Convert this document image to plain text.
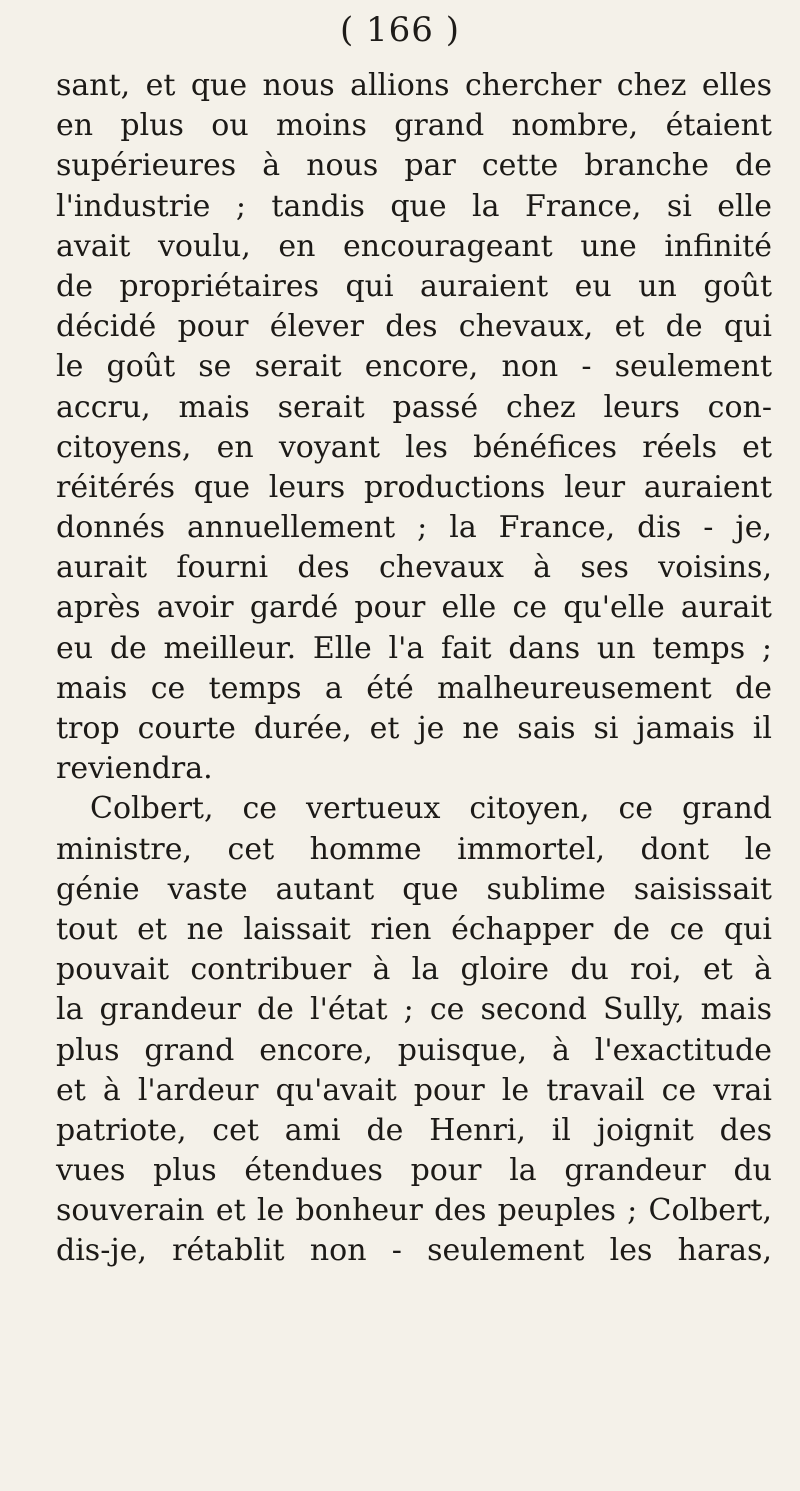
( 166 )
sant, et que nous allions chercher chez elles
en plus ou moins grand nombre, étaient
supérieures à nous par cette branche de
l'industrie ; tandis que la France, si elle
avait voulu, en encourageant une infinité
de propriétaires qui auraient eu un goût
décidé pour élever des chevaux, et de qui
le goût se serait encore, non - seulement
accru, mais serait passé chez leurs con-
citoyens, en voyant les bénéfices réels et
réitérés que leurs productions leur auraient
donnés annuellement ; la France, dis - je,
aurait fourni des chevaux à ses voisins,
après avoir gardé pour elle ce qu'elle aurait
eu de meilleur. Elle l'a fait dans un temps ;
mais ce temps a été malheureusement de
trop courte durée, et je ne sais si jamais il
reviendra.
Colbert, ce vertueux citoyen, ce grand
ministre, cet homme immortel, dont le
génie vaste autant que sublime saisissait
tout et ne laissait rien échapper de ce qui
pouvait contribuer à la gloire du roi, et à
la grandeur de l'état ; ce second Sully, mais
plus grand encore, puisque, à l'exactitude
et à l'ardeur qu'avait pour le travail ce vrai
patriote, cet ami de Henri, il joignit des
vues plus étendues pour la grandeur du
souverain et le bonheur des peuples ; Colbert,
dis-je, rétablit non - seulement les haras,
